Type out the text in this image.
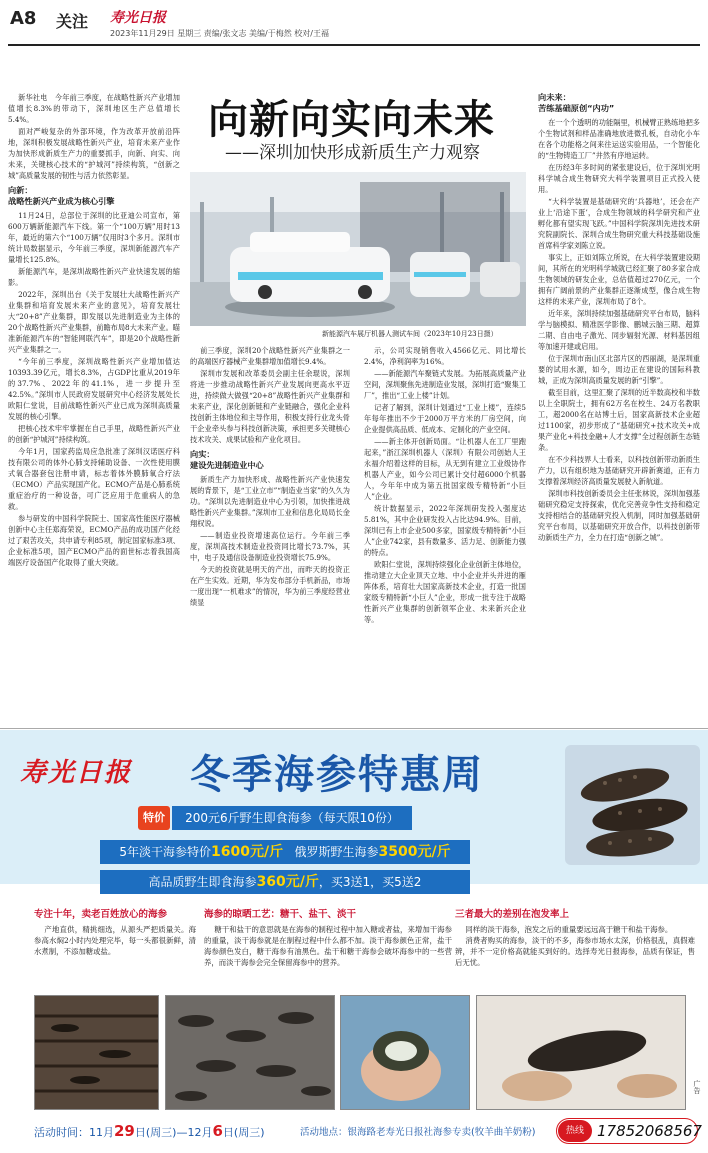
A8 关注 寿光日报
2023年11月29日 星期三 责编/张文志 美编/于梅然 校对/王福

新华社电　今年前三季度，在战略性新兴产业增加值增长8.3%的带动下，深圳地区生产总值增长5.4%。

面对严峻复杂的外部环境，作为改革开放前沿阵地，深圳积极发展战略性新兴产业，培育未来产业作为加快形成新质生产力的重要抓手，向新、向实、向未来，关键核心技术的“护城河”持续构筑，“创新之城”高质量发展的韧性与活力依然彰显。

向新：
战略性新兴产业成为核心引擎

11月24日，总部位于深圳的比亚迪公司宣布，第600万辆新能源汽车下线。第一个“100万辆”用时13年，最近的第六个“100万辆”仅用时3个多月。深圳市统计局数据显示，今年前三季度，深圳新能源汽车产量增长125.8%。

新能源汽车，是深圳战略性新兴产业快速发展的缩影。

2022年，深圳出台《关于发展壮大战略性新兴产业集群和培育发展未来产业的意见》，培育发展壮大“20+8”产业集群，即发展以先进制造业为主体的20个战略性新兴产业集群，前瞻布局8大未来产业。瞄准新能源汽车的“智能网联汽车”，即是20个战略性新兴产业集群之一。

“今年前三季度，深圳战略性新兴产业增加值达10393.39亿元，增长8.3%，占GDP比重从2019年的37.7%、2022年的41.1%，进一步提升至42.5%。”深圳市人民政府发展研究中心经济发展处长欧阳仁堂说，目前战略性新兴产业已成为深圳高质量发展的核心引擎。

把核心技术牢牢掌握在自己手里，战略性新兴产业的创新“护城河”持续构筑。

今年1月，国家药监局应急批准了深圳汉诺医疗科技有限公司的体外心肺支持辅助设备、一次性使用膜式氧合器套包注册申请，标志着体外膜肺氧合疗法（ECMO）产品实现国产化。ECMO产品是心肺系统重症治疗的一种设备，可广泛应用于危重病人的急救。

参与研发的中国科学院院士、国家高性能医疗器械创新中心主任郑海荣说，ECMO产品的成功国产化经过了艰苦攻关，共申请专利85项，制定国家标准3项、企业标准5项，国产ECMO产品的面世标志着我国高端医疗设备国产化取得了重大突破。

向新向实向未来
——深圳加快形成新质生产力观察
新能源汽车展厅机器人测试车间（2023年10月23日摄）

前三季度，深圳20个战略性新兴产业集群之一的高端医疗器械产业集群增加值增长9.4%。

深圳市发展和改革委员会副主任余琨说，深圳将进一步推动战略性新兴产业发展向更高水平迈进，持续做大做强“20+8”战略性新兴产业集群和未来产业，深化创新链和产业链融合，强化企业科技创新主体地位和主导作用，积极支持行业龙头骨干企业牵头参与科技创新决策，承担更多关键核心技术攻关、成果试验和产业化项目。

向实：
建设先进制造业中心

新质生产力加快形成、战略性新兴产业快速发展的背景下，是“工业立市”“制造业当家”的久久为功。“深圳以先进制造业中心为引领，加快推进战略性新兴产业集群。”深圳市工业和信息化局局长金翔权说。

——制造业投资增速高位运行。今年前三季度，深圳高技术制造业投资同比增长73.7%，其中，电子及通信设备制造业投资增长75.9%。

今天的投资就是明天的产出，而昨天的投资正在产生实效。近期，华为发布部分手机新品，市场一度出现“一机难求”的情况，华为前三季度经营业绩显

示，公司实现销售收入4566亿元、同比增长2.4%，净利润率为16%。

——新能源汽车聚链式发展。为拓展高质量产业空间，深圳聚焦先进制造业发展，深圳打造“聚集工厂”，推出“工业上楼”计划。

记者了解到，深圳计划通过“工业上楼”，连续5年每年推出不少于2000万平方米的厂房空间，向企业提供高品质、低成本、定制化的产业空间。

——新主体开创新局面。“让机器人在工厂里跑起来，”浙江深圳机器人（深圳）有限公司创始人王永福介绍着这样的目标，从无到有建立工业级协作机器人产业，如今公司已累计交付超6000个机器人，今年年中成为第五批国家级专精特新“小巨人”企业。

统计数据显示，2022年深圳研发投入强度达5.81%，其中企业研发投入占比达94.9%。目前，深圳已有上市企业500多家，国家级专精特新“小巨人”企业742家，县有数量多、活力足、创新能力强的特点。

欧阳仁堂说，深圳持续强化企业创新主体地位，推动建立大企业顶天立地、中小企业并头并进的雁阵体系，培育壮大国家高新技术企业，打造一批国家级专精特新“小巨人”企业，形成一批专注于战略性新兴产业集群的创新领军企业、未来新兴企业等。

向未来：
苦练基础原创“内功”

在一个个透明的功能隔里，机械臂正熟练地把多个生物试剂和样品准确地放进微孔板，自动化小车在各个功能格之间来往运送实验用品，一个智能化的“生物铸造工厂”井然有序地运转。

在历经3年多时间的紧张建设后，位于深圳光明科学城合成生物研究大科学装置项目正式投入使用。

“大科学装置是基础研究的‘兵器地’，还会在产业上‘沿途下蛋’，合成生物领域的科学研究和产业孵化都有望实现飞跃。”中国科学院深圳先进技术研究院副院长、深圳合成生物研究重大科技基础设施首席科学家刘陈立说。

事实上，正如刘陈立所说，在大科学装置建设期间，其所在的光明科学城就已经汇聚了80多家合成生物领域的研发企业，总估值超过270亿元，一个拥有广阔前景的产业集群正逐渐成型，像合成生物这样的未来产业，深圳布局了8个。

近年来，深圳持续加强基础研究平台布局，脑科学与脑模拟、精准医学影像、鹏城云脑三期、超算二期、自由电子激光、同步辐射光源、材料基因组等加速开建或启用。

位于深圳市南山区北部片区的西丽湖，是深圳重要的试用水源，如今，周边正在建设的国际科教城，正成为深圳高质量发展的新“引擎”。

截至目前，这里汇聚了深圳的近半数高校和半数以上全职院士，拥有62万名在校生、24万名教职工，超2000名在站博士后，国家高新技术企业超过1100家，初步形成了“基础研究+技术攻关+成果产业化+科技金融+人才支撑”全过程创新生态链条。

在不少科技界人士看来，以科技创新带动新质生产力，以有组织地为基础研究开辟新赛道，正有力支撑着深圳经济高质量发展驶入新航道。

深圳市科技创新委员会主任张林说，深圳加强基础研究稳定支持探索，优化完善竞争性支持和稳定支持相结合的基础研究投入机制，同时加强基础研究平台布局，以基础研究开放合作，以科技创新带动新质生产力，全力在打造“创新之城”。

寿光日报 冬季海参特惠周
特价	200元6斤野生即食海参（每天限10份）
5年淡干海参特价1600元/斤 俄罗斯野生海参3500元/斤
高品质野生即食海参360元/斤，买3送1，买5送2
专注十年，卖老百姓放心的海参
产地直供，精挑细选，从源头严把质量关。海参高水焖2小时内处理完毕，每一头都很新鲜，清水煮制，不添加糖或盐。
海参的晾晒工艺：糖干、盐干、淡干
糖干和盐干的意思就是在海参的制程过程中加入糖或者盐，来增加干海参的重量，淡干海参就是在制程过程中什么都不加。淡干海参颜色正常，盐干海参颜色发白，糖干海参有油黑色。盐干和糖干海参会破坏海参中的一些营养，而淡干海参会完全保留海参中的营养。
三者最大的差别在泡发率上
同样的淡干海参，泡发之后的重量要远远高于糖干和盐干海参。
消费者购买的海参，淡干的不多，海参市场水太深，价格很乱，真假难辨，并不一定价格高就能买到好的。选择寿光日报海参，品质有保证，售后无忧。
广告
活动时间：11月29日(周三)—12月6日(周三)	活动地点：银海路老寿光日报社海参专卖(牧羊曲羊奶粉)	17852068567
热线
